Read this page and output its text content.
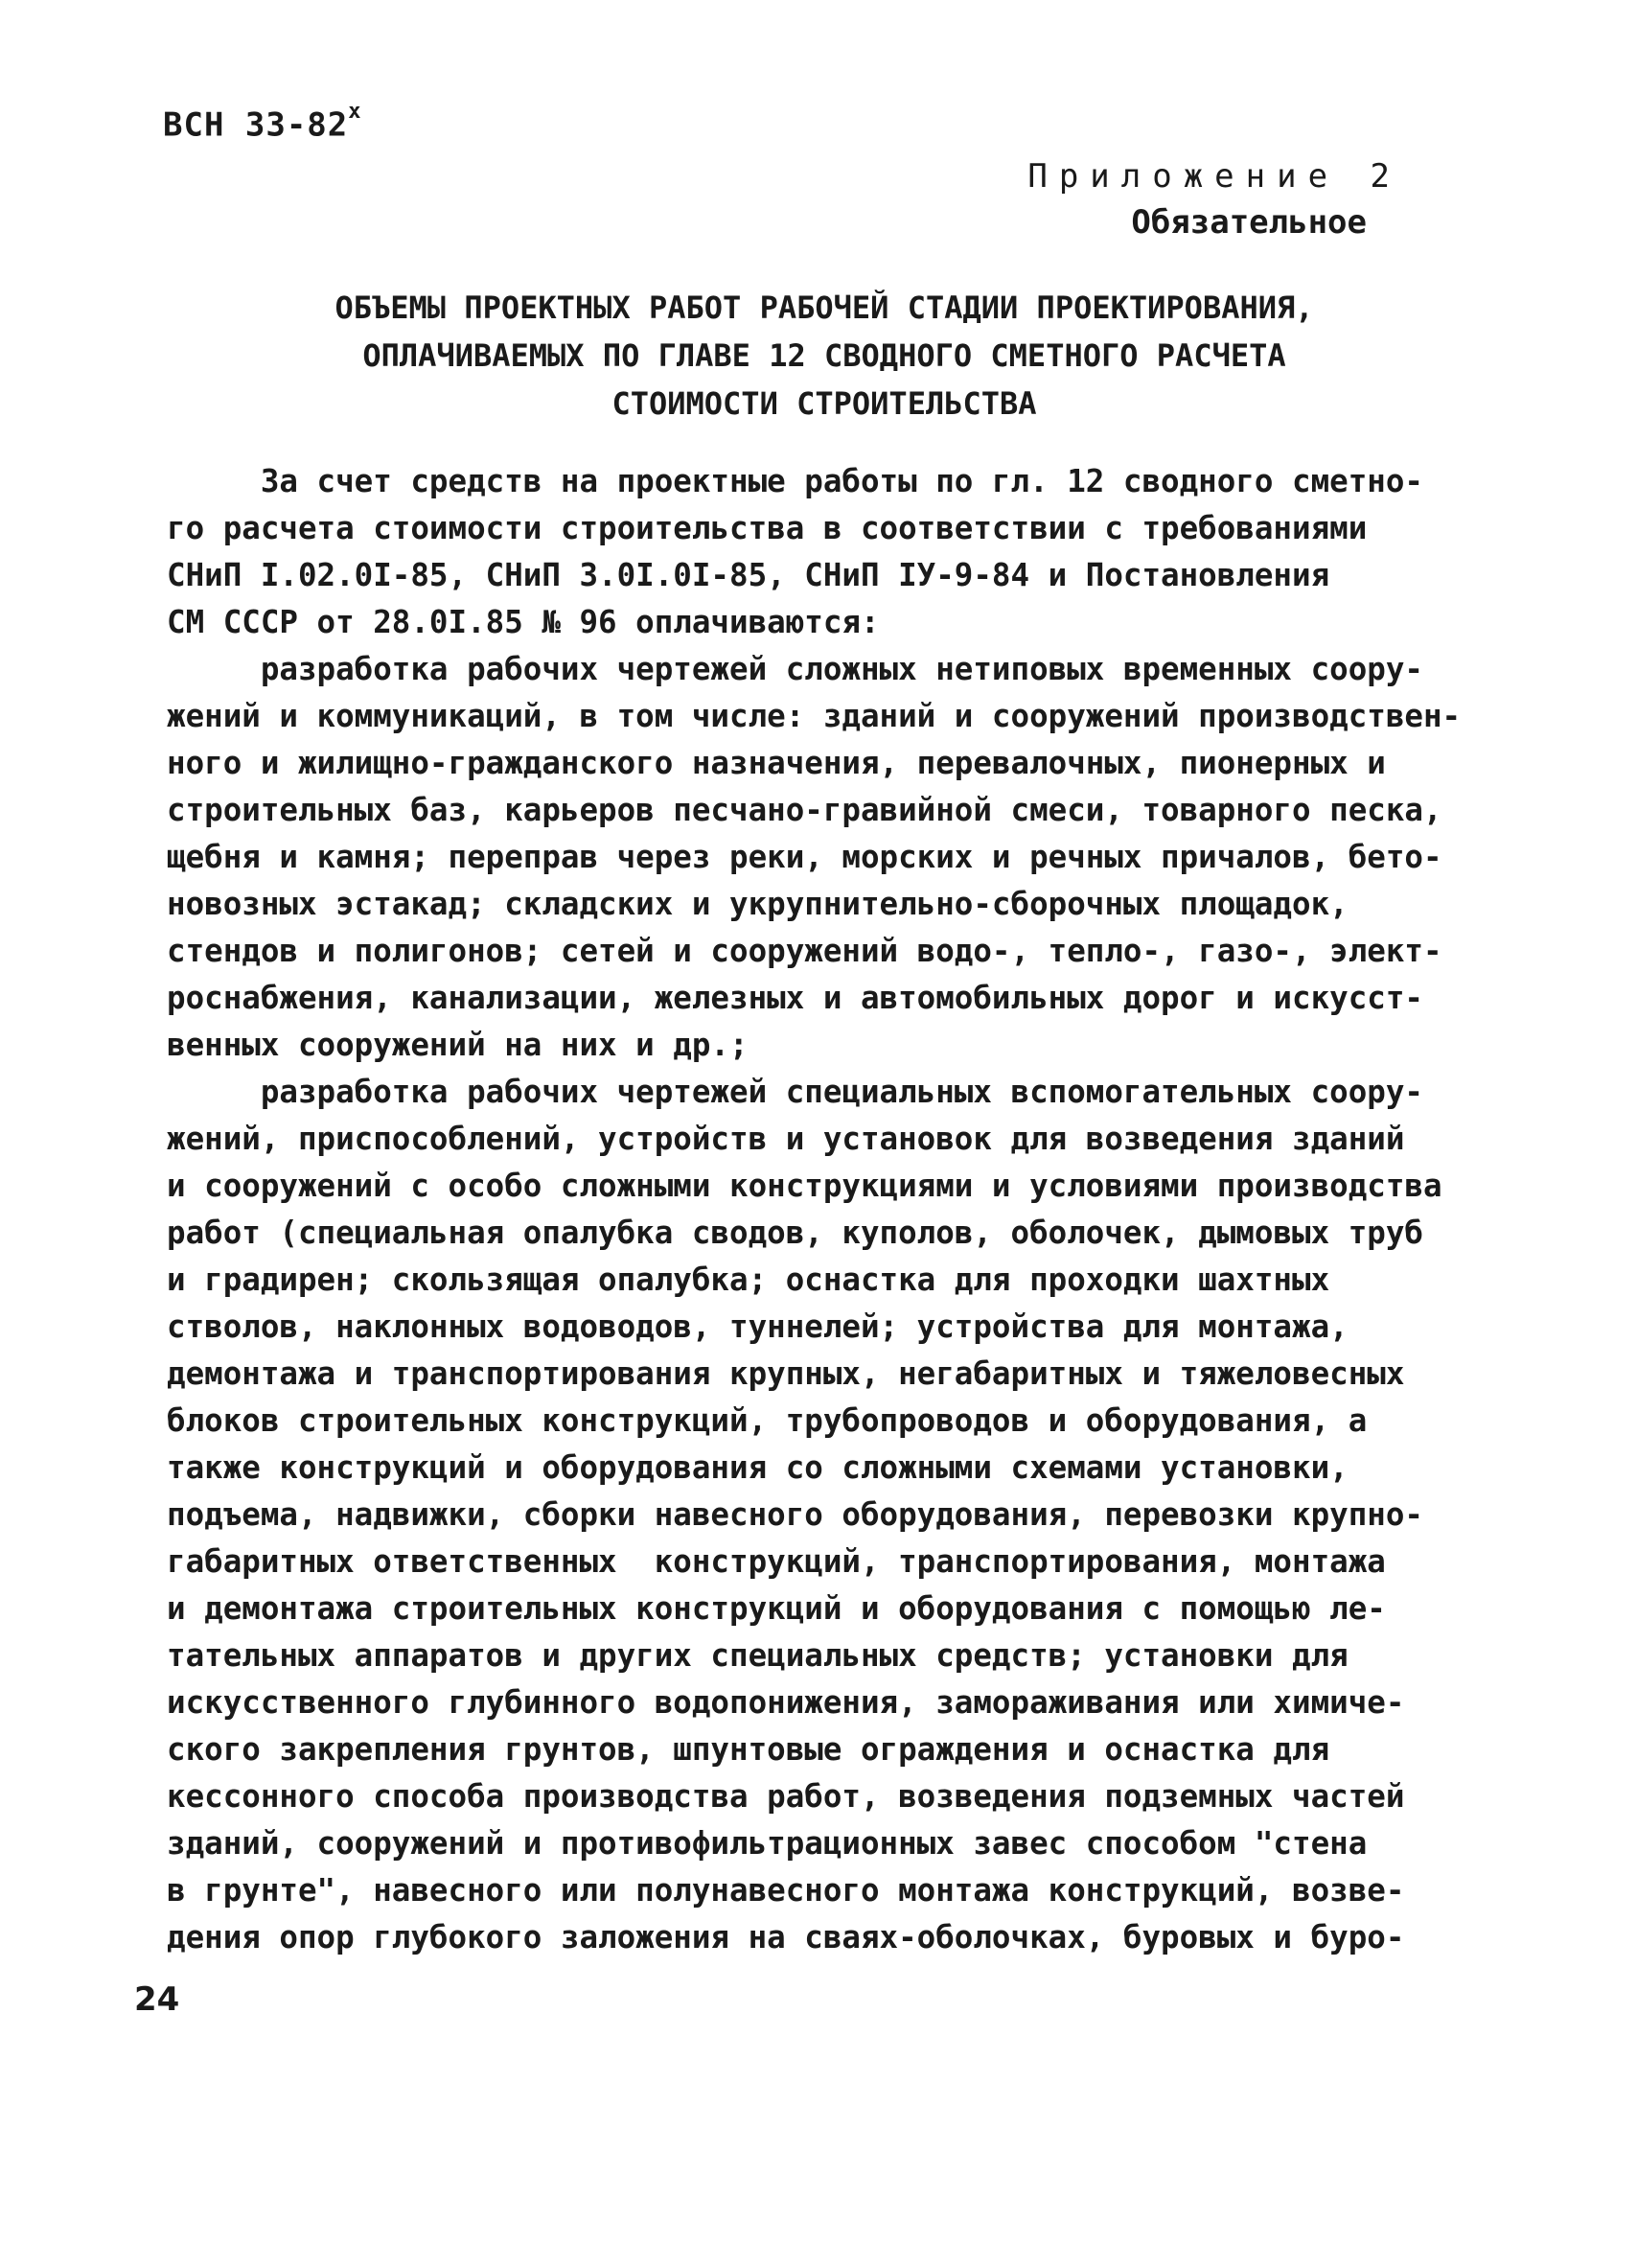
ВСН $33-82^х$
Приложение 2
Обязательное
ОБЪЕМЫ ПРОЕКТНЫХ РАБОТ РАБОЧЕЙ СТАДИИ ПРОЕКТИРОВАНИЯ,
ОПЛАЧИВАЕМЫХ ПО ГЛАВЕ 12 СВОДНОГО СМЕТНОГО РАСЧЕТА
СТОИМОСТИ СТРОИТЕЛЬСТВА
За счет средств на проектные работы по гл. 12 сводного сметно-
го расчета стоимости строительства в соответствии с требованиями
СНиП I.02.0I-85, СНиП 3.0I.0I-85, СНиП IУ-9-84 и Постановления
СМ СССР от 28.0I.85 № 96 оплачиваются:
разработка рабочих чертежей сложных нетиповых временных соору-
жений и коммуникаций, в том числе: зданий и сооружений производствен-
ного и жилищно-гражданского назначения, перевалочных, пионерных и
строительных баз, карьеров песчано-гравийной смеси, товарного песка,
щебня и камня; переправ через реки, морских и речных причалов, бето-
новозных эстакад; складских и укрупнительно-сборочных площадок,
стендов и полигонов; сетей и сооружений водо-, тепло-, газо-, элект-
роснабжения, канализации, железных и автомобильных дорог и искусст-
венных сооружений на них и др.;
разработка рабочих чертежей специальных вспомогательных соору-
жений, приспособлений, устройств и установок для возведения зданий
и сооружений с особо сложными конструкциями и условиями производства
работ (специальная опалубка сводов, куполов, оболочек, дымовых труб
и градирен; скользящая опалубка; оснастка для проходки шахтных
стволов, наклонных водоводов, туннелей; устройства для монтажа,
демонтажа и транспортирования крупных, негабаритных и тяжеловесных
блоков строительных конструкций, трубопроводов и оборудования, а
также конструкций и оборудования со сложными схемами установки,
подъема, надвижки, сборки навесного оборудования, перевозки крупно-
габаритных ответственных  конструкций, транспортирования, монтажа
и демонтажа строительных конструкций и оборудования с помощью ле-
тательных аппаратов и других специальных средств; установки для
искусственного глубинного водопонижения, замораживания или химиче-
ского закрепления грунтов, шпунтовые ограждения и оснастка для
кессонного способа производства работ, возведения подземных частей
зданий, сооружений и противофильтрационных завес способом "стена
в грунте", навесного или полунавесного монтажа конструкций, возве-
дения опор глубокого заложения на сваях-оболочках, буровых и буро-
24
